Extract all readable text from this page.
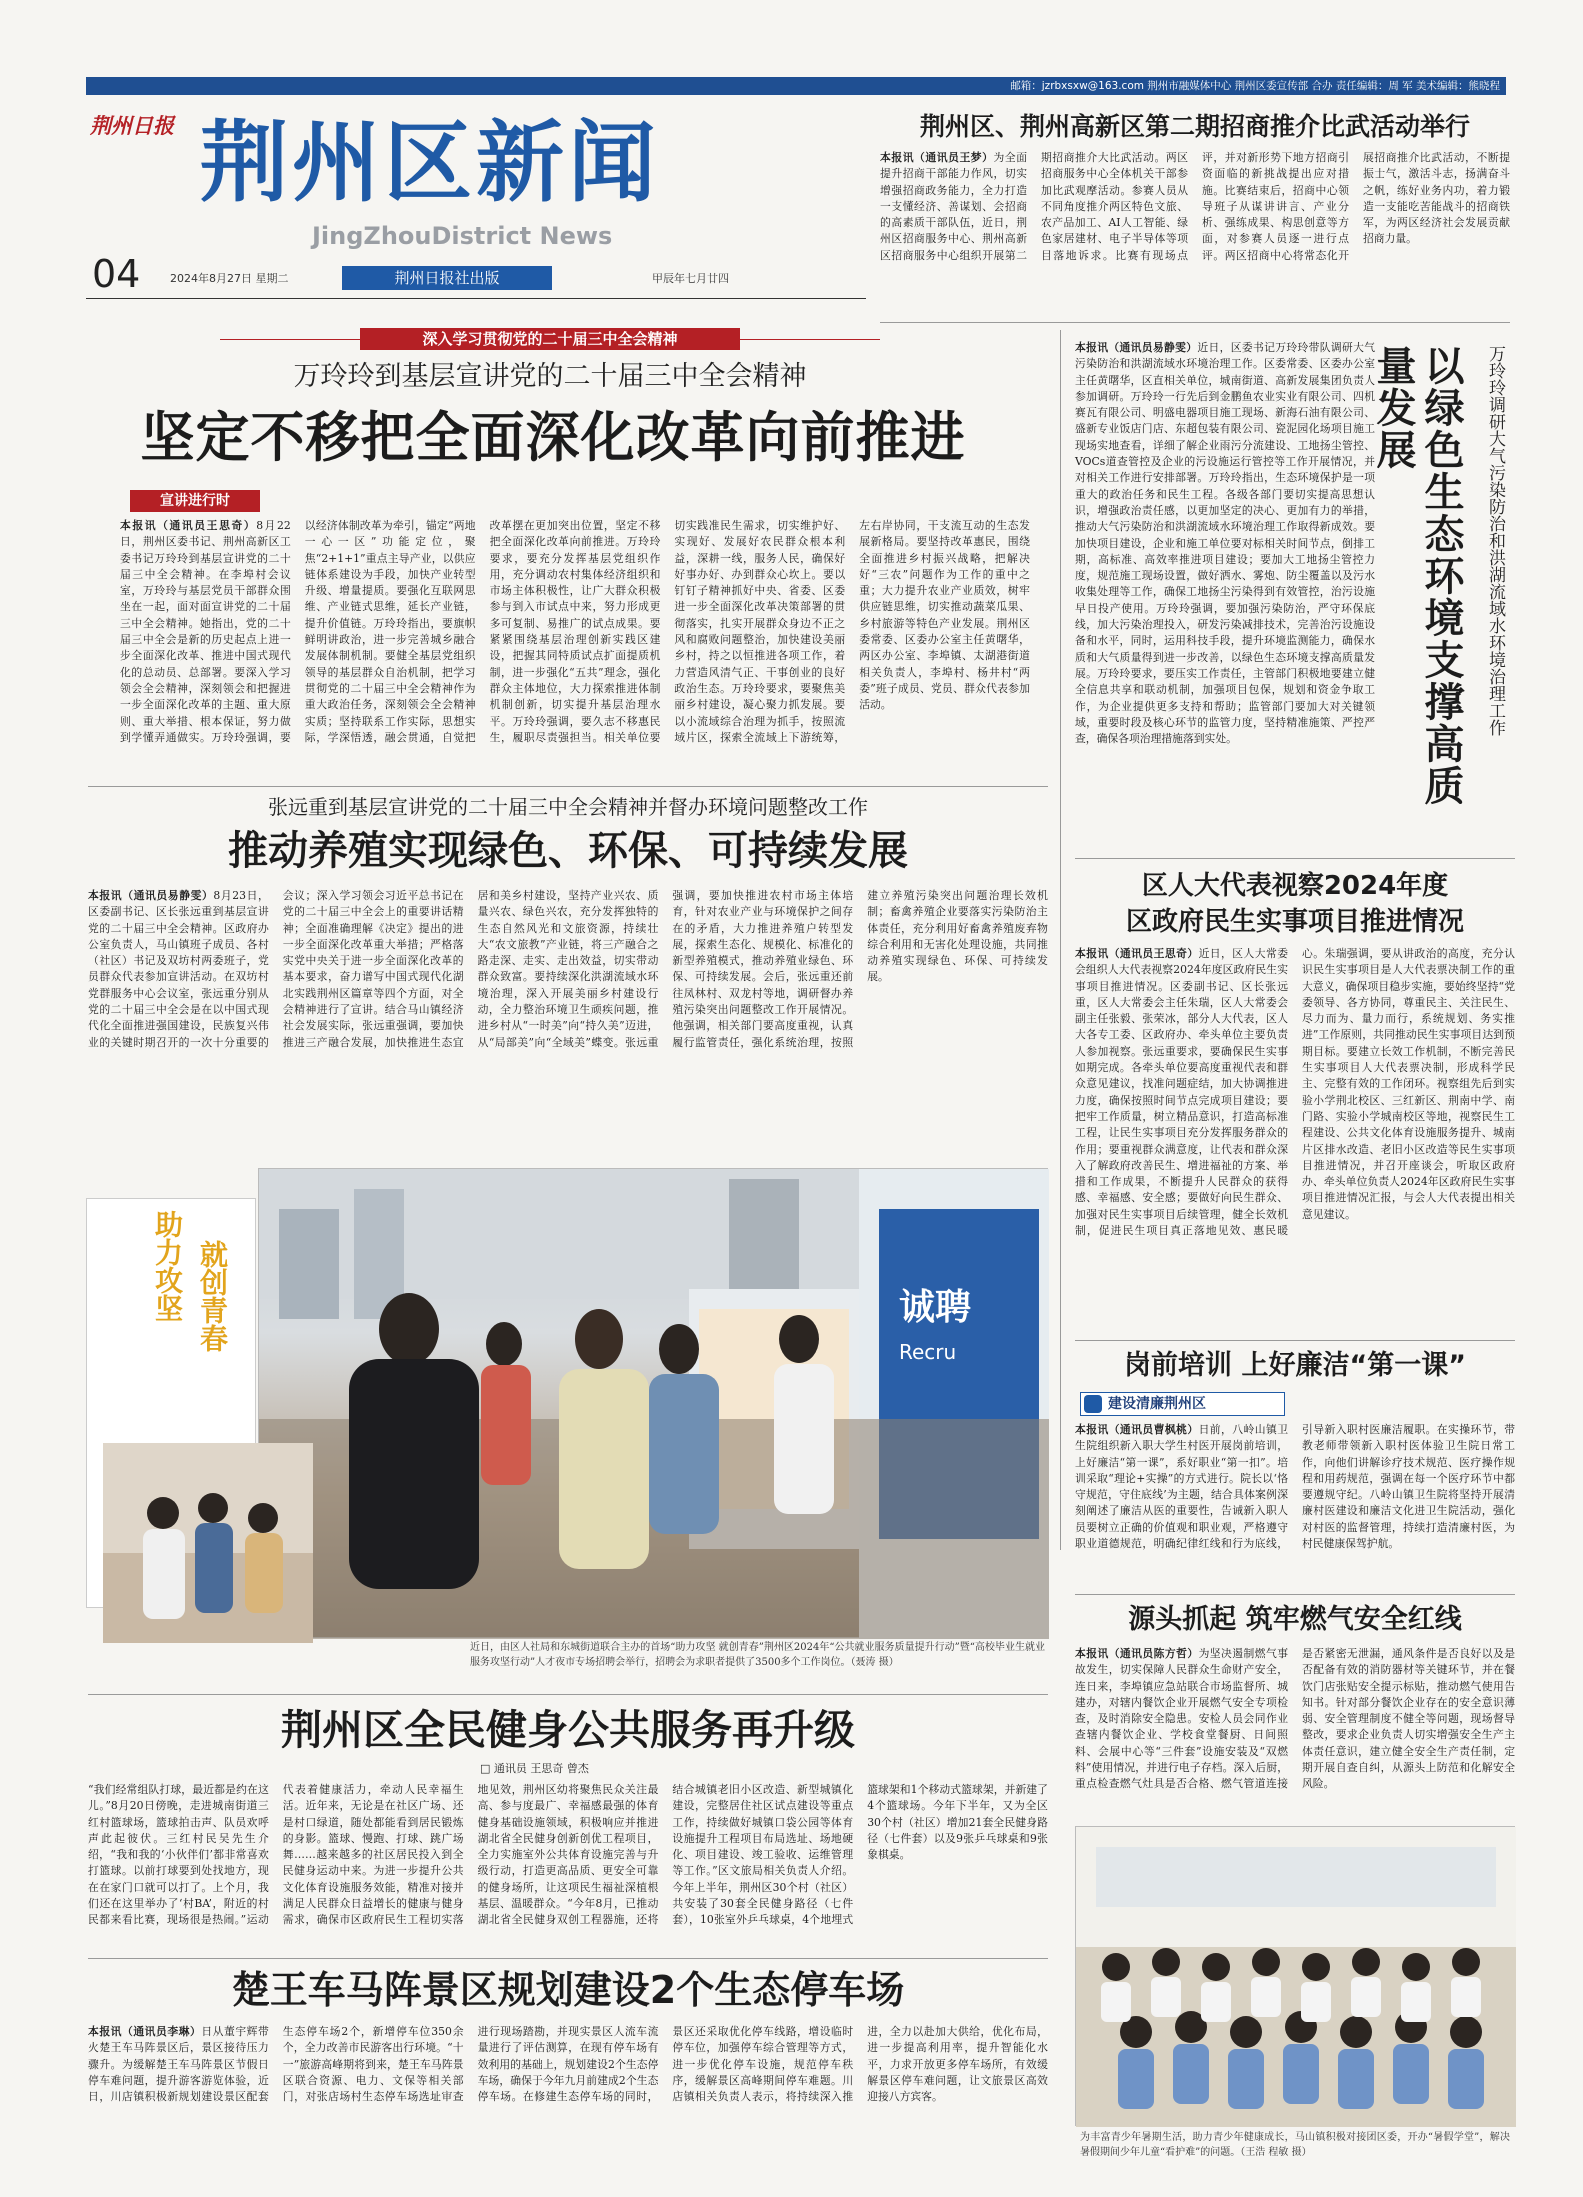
邮箱：jzrbxsxw@163.com 荆州市融媒体中心 荆州区委宣传部 合办 责任编辑：周 军 美术编辑：熊晓程
荆州日报 荆州区新闻
JingZhouDistrict News
04	2024年8月27日 星期二	荆州日报社出版	甲辰年七月廿四
荆州区、荆州高新区第二期招商推介比武活动举行
本报讯（通讯员王梦）为全面提升招商干部能力作风，切实增强招商政务能力，全力打造一支懂经济、善谋划、会招商的高素质干部队伍，近日，荆州区招商服务中心、荆州高新区招商服务中心组织开展第二期招商推介大比武活动。两区招商服务中心全体机关干部参加比武观摩活动。参赛人员从不同角度推介两区特色文旅、农产品加工、AI人工智能、绿色家居建材、电子半导体等项目落地诉求。比赛有现场点评，并对新形势下地方招商引资面临的新挑战提出应对措施。比赛结束后，招商中心领导班子从谋讲讲言、产业分析、强练成果、构思创意等方面，对参赛人员逐一进行点评。两区招商中心将常态化开展招商推介比武活动，不断提振士气，激活斗志，扬满奋斗之帆，练好业务内功，着力锻造一支能吃苦能战斗的招商铁军，为两区经济社会发展贡献招商力量。
深入学习贯彻党的二十届三中全会精神
万玲玲到基层宣讲党的二十届三中全会精神
坚定不移把全面深化改革向前推进
宣讲进行时
本报讯（通讯员王思奇）8月22日，荆州区委书记、荆州高新区工委书记万玲玲到基层宣讲党的二十届三中全会精神。在李埠村会议室，万玲玲与基层党员干部群众围坐在一起，面对面宣讲党的二十届三中全会精神。她指出，党的二十届三中全会是新的历史起点上进一步全面深化改革、推进中国式现代化的总动员、总部署。要深入学习领会全会精神，深刻领会和把握进一步全面深化改革的主题、重大原则、重大举措、根本保证，努力做到学懂弄通做实。万玲玲强调，要以经济体制改革为牵引，锚定“两地一心一区”功能定位，聚焦“2+1+1”重点主导产业，以供应链体系建设为手段，加快产业转型升级、增量提质。要强化互联网思维、产业链式思维，延长产业链，提升价值链。万玲玲指出，要旗帜鲜明讲政治，进一步完善城乡融合发展体制机制。要健全基层党组织领导的基层群众自治机制，把学习贯彻党的二十届三中全会精神作为重大政治任务，深刻领会全会精神实质；坚持联系工作实际，思想实际，学深悟透，融会贯通，自觉把改革摆在更加突出位置，坚定不移把全面深化改革向前推进。万玲玲要求，要充分发挥基层党组织作用，充分调动农村集体经济组织和市场主体积极性，让广大群众积极参与到入市试点中来，努力形成更多可复制、易推广的试点成果。要紧紧围绕基层治理创新实践区建设，把握其同特质试点扩面提质机制，进一步强化“五共”理念，强化群众主体地位，大力探索推进体制机制创新，切实提升基层治理水平。万玲玲强调，要久志不移惠民生，履职尽责强担当。相关单位要切实践准民生需求，切实维护好、实现好、发展好农民群众根本利益，深耕一线，服务人民，确保好好事办好、办到群众心坎上。要以钉钉子精神抓好中央、省委、区委进一步全面深化改革决策部署的贯彻落实，扎实开展群众身边不正之风和腐败问题整治，加快建设美丽乡村，持之以恒推进各项工作，着力营造风清气正、干事创业的良好政治生态。万玲玲要求，要聚焦美丽乡村建设，凝心聚力抓发展。要以小流域综合治理为抓手，按照流域片区，探索全流域上下游统筹，左右岸协同，干支流互动的生态发展新格局。要坚持改革惠民，围绕全面推进乡村振兴战略，把解决好“三农”问题作为工作的重中之重；大力提升农业产业质效，树牢供应链思维，切实推动蔬菜瓜果、乡村旅游等特色产业发展。荆州区委常委、区委办公室主任黄曙华，两区办公室、李埠镇、太湖港街道相关负责人，李埠村、杨井村“两委”班子成员、党员、群众代表参加活动。
本报讯（通讯员易静雯）近日，区委书记万玲玲带队调研大气污染防治和洪湖流域水环境治理工作。区委常委、区委办公室主任黄曙华，区直相关单位，城南街道、高新发展集团负责人参加调研。万玲玲一行先后到金鹏鱼农业实业有限公司、四机赛瓦有限公司、明盛电器项目施工现场、新海石油有限公司、盛新专业饭店门店、东超包装有限公司、瓷泥园化场项目施工现场实地查看，详细了解企业雨污分流建设、工地扬尘管控、VOCs道查管控及企业的污设施运行管控等工作开展情况，并对相关工作进行安排部署。万玲玲指出，生态环境保护是一项重大的政治任务和民生工程。各级各部门要切实提高思想认识，增强政治责任感，以更加坚定的决心、更加有力的举措，推动大气污染防治和洪湖流域水环境治理工作取得新成效。要加快项目建设，企业和施工单位要对标相关时间节点，倒排工期，高标准、高效率推进项目建设；要加大工地扬尘管控力度，规范施工现场设置，做好洒水、雾炮、防尘覆盖以及污水收集处理等工作，确保工地扬尘污染得到有效管控，治污设施早日投产使用。万玲玲强调，要加强污染防治，严守环保底线，加大污染治理投入，研发污染减排技术，完善治污设施设备和水平，同时，运用科技手段，提升环境监测能力，确保水质和大气质量得到进一步改善，以绿色生态环境支撑高质量发展。万玲玲要求，要压实工作责任，主管部门积极地要建立健全信息共享和联动机制，加强项目包保，规划和资金争取工作，为企业提供更多支持和帮助；监管部门要加大对关键领域，重要时段及核心环节的监管力度，坚持精准施策、严控严查，确保各项治理措施落到实处。	以绿色生态环境支撑高质量发展	万玲玲调研大气污染防治和洪湖流域水环境治理工作
张远重到基层宣讲党的二十届三中全会精神并督办环境问题整改工作
推动养殖实现绿色、环保、可持续发展
本报讯（通讯员易静雯）8月23日，区委副书记、区长张远重到基层宣讲党的二十届三中全会精神。区政府办公室负责人，马山镇班子成员、各村（社区）书记及双坊村两委班子，党员群众代表参加宣讲活动。在双坊村党群服务中心会议室，张远重分别从党的二十届三中全会是在以中国式现代化全面推进强国建设，民族复兴伟业的关键时期召开的一次十分重要的会议；深入学习领会习近平总书记在党的二十届三中全会上的重要讲话精神；全面准确理解《决定》提出的进一步全面深化改革重大举措；严格落实党中央关于进一步全面深化改革的基本要求，奋力谱写中国式现代化湖北实践荆州区篇章等四个方面，对全会精神进行了宣讲。结合马山镇经济社会发展实际，张远重强调，要加快推进三产融合发展，加快推进生态宜居和美乡村建设，坚持产业兴农、质量兴农、绿色兴农，充分发挥独特的生态自然风光和文旅资源，持续壮大“农文旅教”产业链，将三产融合之路走深、走实、走出效益，切实带动群众致富。要持续深化洪湖流域水环境治理，深入开展美丽乡村建设行动，全力整治环境卫生顽疾问题，推进乡村从“一时美”向“持久美”迈进，从“局部美”向“全域美”蝶变。张远重强调，要加快推进农村市场主体培育，针对农业产业与环境保护之间存在的矛盾，大力推进养殖户转型发展，探索生态化、规模化、标准化的新型养殖模式，推动养殖业绿色、环保、可持续发展。会后，张远重还前往凤林村、双龙村等地，调研督办养殖污染突出问题整改工作开展情况。他强调，相关部门要高度重视，认真履行监管责任，强化系统治理，按照建立养殖污染突出问题治理长效机制；畜禽养殖企业要落实污染防治主体责任，充分利用好畜禽养殖废弃物综合利用和无害化处理设施，共同推动养殖实现绿色、环保、可持续发展。
就创青春
助力攻坚	诚聘
Recru
近日，由区人社局和东城街道联合主办的首场“助力攻坚 就创青春”荆州区2024年“公共就业服务质量提升行动”暨“高校毕业生就业服务攻坚行动”人才夜市专场招聘会举行，招聘会为求职者提供了3500多个工作岗位。（聂涛 摄）
荆州区全民健身公共服务再升级
□ 通讯员 王思奇 曾杰
“我们经常组队打球，最近都是约在这儿。”8月20日傍晚，走进城南街道三红村篮球场，篮球拍击声、队员欢呼声此起彼伏。三红村民吴先生介绍，“我和我的‘小伙伴们’都非常喜欢打篮球。以前打球要到处找地方，现在在家门口就可以打了。上个月，我们还在这里举办了‘村BA’，附近的村民都来看比赛，现场很是热闹。”运动代表着健康活力，牵动人民幸福生活。近年来，无论是在社区广场、还是村口绿道，随处都能看到居民锻炼的身影。篮球、慢跑、打球、跳广场舞……越来越多的社区居民投入到全民健身运动中来。为进一步提升公共文化体育设施服务效能，精准对接并满足人民群众日益增长的健康与健身需求，确保市区政府民生工程切实落地见效，荆州区幼将聚焦民众关注最高、参与度最广、幸福感最强的体育健身基础设施领域，积极响应并推进湖北省全民健身创新创优工程项目，全力实施室外公共体育设施完善与升级行动，打造更高品质、更安全可靠的健身场所，让这项民生福祉深植根基层、温暖群众。“今年8月，已推动湖北省全民健身双创工程器施，还将结合城镇老旧小区改造、新型城镇化建设，完整居住社区试点建设等重点工作，持续做好城镇口袋公园等体育设施提升工程项目布局选址、场地硬化、项目建设、竣工验收、运维管理等工作。”区文旅局相关负责人介绍。今年上半年，荆州区30个村（社区）共安装了30套全民健身路径（七件套），10张室外乒乓球桌，4个地埋式篮球架和1个移动式篮球架，并新建了4个篮球场。今年下半年，又为全区30个村（社区）增加21套全民健身路径（七件套）以及9张乒乓球桌和9张象棋桌。
楚王车马阵景区规划建设2个生态停车场
本报讯（通讯员李琳）日从董宇辉带火楚王车马阵景区后，景区接待压力骤升。为缓解楚王车马阵景区节假日停车难问题，提升游客游览体验，近日，川店镇积极新规划建设景区配套生态停车场2个，新增停车位350余个，全力改善市民游客出行环境。“十一”旅游高峰期将到来，楚王车马阵景区联合资源、电力、文保等相关部门，对张店场村生态停车场选址审查进行现场踏勘，并现实景区人流车流量进行了评估测算，在现有停车场有效利用的基础上，规划建设2个生态停车场，确保于今年九月前建成2个生态停车场。在修建生态停车场的同时，景区还采取优化停车线路，增设临时停车位，加强停车综合管理等方式，进一步优化停车设施，规范停车秩序，缓解景区高峰期间停车难题。川店镇相关负责人表示，将持续深入推进，全力以赴加大供给，优化布局，进一步提高利用率，提升智能化水平，力求开放更多停车场所，有效缓解景区停车难问题，让文旅景区高效迎接八方宾客。
区人大代表视察2024年度
区政府民生实事项目推进情况
本报讯（通讯员王思奇）近日，区人大常委会组织人大代表视察2024年度区政府民生实事项目推进情况。区委副书记、区长张远重，区人大常委会主任朱瑞，区人大常委会副主任张毅、张荣冰，部分人大代表，区人大各专工委、区政府办、牵头单位主要负责人参加视察。张远重要求，要确保民生实事如期完成。各牵头单位要高度重视代表和群众意见建议，找准问题症结，加大协调推进力度，确保按照时间节点完成项目建设；要把牢工作质量，树立精品意识，打造高标准工程，让民生实事项目充分发挥服务群众的作用；要重视群众满意度，让代表和群众深入了解政府改善民生、增进福祉的方案、举措和工作成果，不断提升人民群众的获得感、幸福感、安全感；要做好向民生群众、加强对民生实事项目后续管理，健全长效机制，促进民生项目真正落地见效、惠民暖心。朱瑞强调，要从讲政治的高度，充分认识民生实事项目是人大代表票决制工作的重大意义，确保项目稳步实施，要始终坚持“党委领导、各方协同，尊重民主、关注民生、尽力而为、量力而行，系统规划、务实推进”工作原则，共同推动民生实事项目达到预期目标。要建立长效工作机制，不断完善民生实事项目人大代表票决制，形成科学民主、完整有效的工作闭环。视察组先后到实验小学荆北校区、三红新区、荆南中学、南门路、实验小学城南校区等地，视察民生工程建设、公共文化体育设施服务提升、城南片区排水改造、老旧小区改造等民生实事项目推进情况，并召开座谈会，听取区政府办、牵头单位负责人2024年区政府民生实事项目推进情况汇报，与会人大代表提出相关意见建议。
岗前培训 上好廉洁“第一课”
建设清廉荆州区
本报讯（通讯员曹枫桃）日前，八岭山镇卫生院组织新入职大学生村医开展岗前培训，上好廉洁“第一课”，系好职业“第一扣”。培训采取“理论+实操”的方式进行。院长以‘恪守规范，守住底线’为主题，结合具体案例深刻阐述了廉洁从医的重要性，告诫新入职人员要树立正确的价值观和职业观，严格遵守职业道德规范，明确纪律红线和行为底线，引导新入职村医廉洁履职。在实操环节，带教老师带领新入职村医体验卫生院日常工作，向他们讲解诊疗技术规范、医疗操作规程和用药规范，强调在每一个医疗环节中都要遵规守纪。八岭山镇卫生院将坚持开展清廉村医建设和廉洁文化进卫生院活动，强化对村医的监督管理，持续打造清廉村医，为村民健康保驾护航。
源头抓起 筑牢燃气安全红线
本报讯（通讯员陈方哲）为坚决遏制燃气事故发生，切实保障人民群众生命财产安全，连日来，李埠镇应急站联合市场监督所、城建办，对辖内餐饮企业开展燃气安全专项检查，及时消除安全隐患。安检人员会同作业查辖内餐饮企业、学校食堂餐厨、日间照料、会展中心等“三件套”设施安装及“双燃料”使用情况，并进行电子存档。深入后厨，重点检查燃气灶具是否合格、燃气管道连接是否紧密无泄漏，通风条件是否良好以及是否配备有效的消防器材等关键环节，并在餐饮门店张贴安全提示标贴，推动燃气使用告知书。针对部分餐饮企业存在的安全意识薄弱、安全管理制度不健全等问题，现场督导整改，要求企业负责人切实增强安全生产主体责任意识，建立健全安全生产责任制，定期开展自查自纠，从源头上防范和化解安全风险。
为丰富青少年暑期生活，助力青少年健康成长，马山镇积极对接团区委，开办“暑假学堂”，解决暑假期间少年儿童“看护难”的问题。（王浩 程敏 摄）
